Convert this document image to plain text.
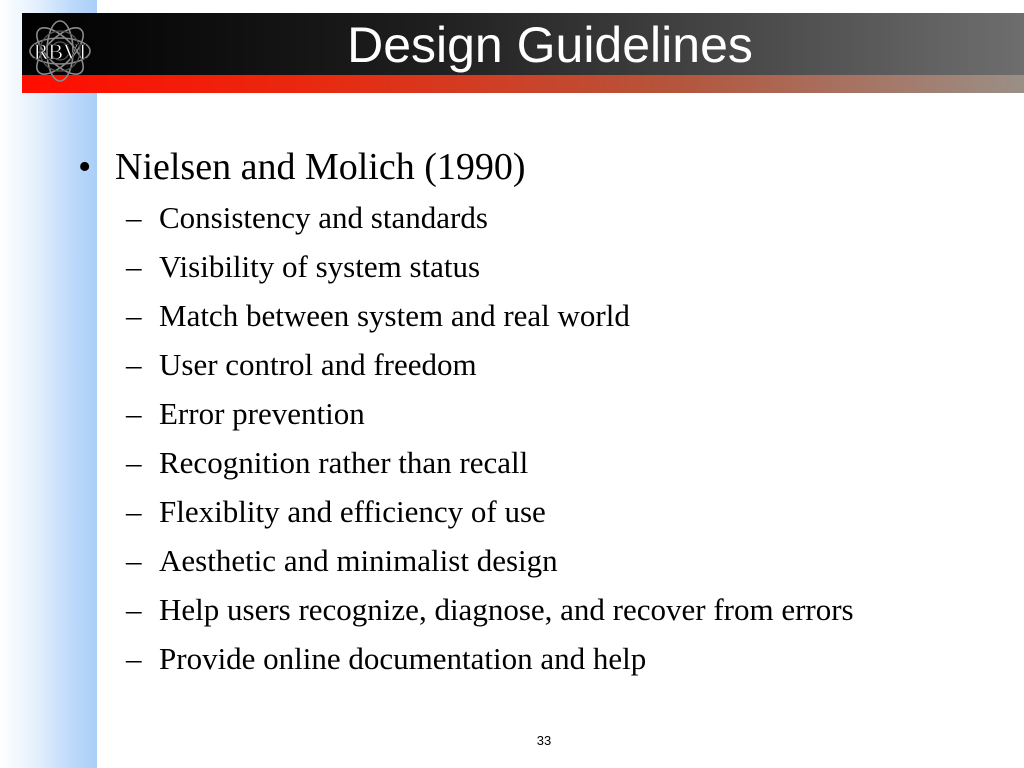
RBVI	Design Guidelines
• Nielsen and Molich (1990)
– Consistency and standards
– Visibility of system status
– Match between system and real world
– User control and freedom
– Error prevention
– Recognition rather than recall
– Flexiblity and efficiency of use
– Aesthetic and minimalist design
– Help users recognize, diagnose, and recover from errors
– Provide online documentation and help
33
